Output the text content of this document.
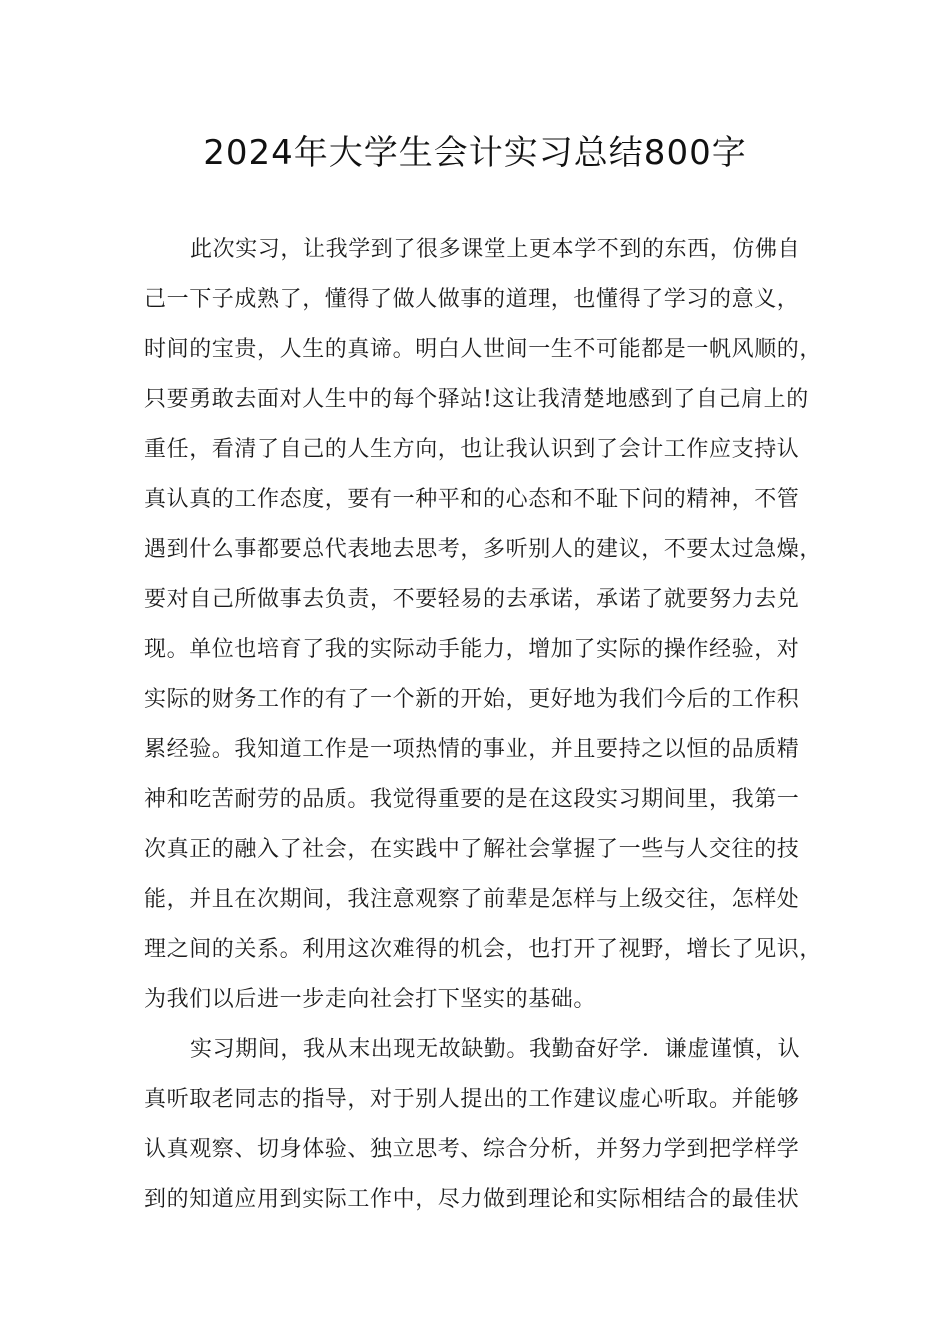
2024年大学生会计实习总结800字
此次实习，让我学到了很多课堂上更本学不到的东西，仿佛自
己一下子成熟了，懂得了做人做事的道理，也懂得了学习的意义，
时间的宝贵，人生的真谛。明白人世间一生不可能都是一帆风顺的，
只要勇敢去面对人生中的每个驿站!这让我清楚地感到了自己肩上的
重任，看清了自己的人生方向，也让我认识到了会计工作应支持认
真认真的工作态度，要有一种平和的心态和不耻下问的精神，不管
遇到什么事都要总代表地去思考，多听别人的建议，不要太过急燥，
要对自己所做事去负责，不要轻易的去承诺，承诺了就要努力去兑
现。单位也培育了我的实际动手能力，增加了实际的操作经验，对
实际的财务工作的有了一个新的开始，更好地为我们今后的工作积
累经验。我知道工作是一项热情的事业，并且要持之以恒的品质精
神和吃苦耐劳的品质。我觉得重要的是在这段实习期间里，我第一
次真正的融入了社会，在实践中了解社会掌握了一些与人交往的技
能，并且在次期间，我注意观察了前辈是怎样与上级交往，怎样处
理之间的关系。利用这次难得的机会，也打开了视野，增长了见识，
为我们以后进一步走向社会打下坚实的基础。
实习期间，我从末出现无故缺勤。我勤奋好学．谦虚谨慎，认
真听取老同志的指导，对于别人提出的工作建议虚心听取。并能够
认真观察、切身体验、独立思考、综合分析，并努力学到把学样学
到的知道应用到实际工作中，尽力做到理论和实际相结合的最佳状
